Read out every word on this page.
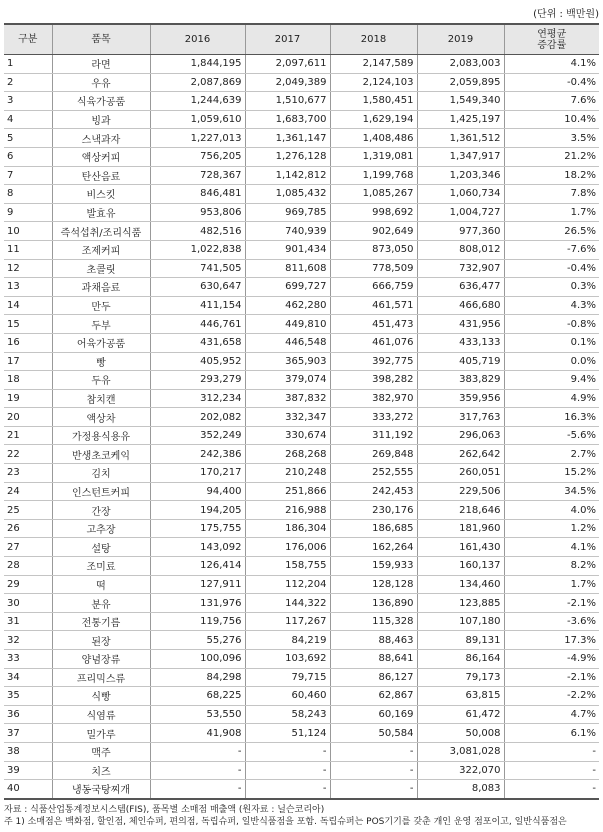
(단위 : 백만원)
구분	품목	2016	2017	2018	2019	연평균
증감률
1	라면	1,844,195	2,097,611	2,147,589	2,083,003	4.1%
2	우유	2,087,869	2,049,389	2,124,103	2,059,895	-0.4%
3	식육가공품	1,244,639	1,510,677	1,580,451	1,549,340	7.6%
4	빙과	1,059,610	1,683,700	1,629,194	1,425,197	10.4%
5	스낵과자	1,227,013	1,361,147	1,408,486	1,361,512	3.5%
6	액상커피	756,205	1,276,128	1,319,081	1,347,917	21.2%
7	탄산음료	728,367	1,142,812	1,199,768	1,203,346	18.2%
8	비스킷	846,481	1,085,432	1,085,267	1,060,734	7.8%
9	발효유	953,806	969,785	998,692	1,004,727	1.7%
10	즉석섭취/조리식품	482,516	740,939	902,649	977,360	26.5%
11	조제커피	1,022,838	901,434	873,050	808,012	-7.6%
12	초콜릿	741,505	811,608	778,509	732,907	-0.4%
13	과채음료	630,647	699,727	666,759	636,477	0.3%
14	만두	411,154	462,280	461,571	466,680	4.3%
15	두부	446,761	449,810	451,473	431,956	-0.8%
16	어육가공품	431,658	446,548	461,076	433,133	0.1%
17	빵	405,952	365,903	392,775	405,719	0.0%
18	두유	293,279	379,074	398,282	383,829	9.4%
19	참치캔	312,234	387,832	382,970	359,956	4.9%
20	액상차	202,082	332,347	333,272	317,763	16.3%
21	가정용식용유	352,249	330,674	311,192	296,063	-5.6%
22	반생초코케익	242,386	268,268	269,848	262,642	2.7%
23	김치	170,217	210,248	252,555	260,051	15.2%
24	인스턴트커피	94,400	251,866	242,453	229,506	34.5%
25	간장	194,205	216,988	230,176	218,646	4.0%
26	고추장	175,755	186,304	186,685	181,960	1.2%
27	설탕	143,092	176,006	162,264	161,430	4.1%
28	조미료	126,414	158,755	159,933	160,137	8.2%
29	떡	127,911	112,204	128,128	134,460	1.7%
30	분유	131,976	144,322	136,890	123,885	-2.1%
31	전통기름	119,756	117,267	115,328	107,180	-3.6%
32	된장	55,276	84,219	88,463	89,131	17.3%
33	양념장류	100,096	103,692	88,641	86,164	-4.9%
34	프리믹스류	84,298	79,715	86,127	79,173	-2.1%
35	식빵	68,225	60,460	62,867	63,815	-2.2%
36	식염류	53,550	58,243	60,169	61,472	4.7%
37	밀가루	41,908	51,124	50,584	50,008	6.1%
38	맥주	-	-	-	3,081,028	-
39	치즈	-	-	-	322,070	-
40	냉동국탕찌개	-	-	-	8,083	-
자료 : 식품산업통계정보시스템(FIS), 품목별 소매점 매출액 (원자료 : 닐슨코리아)
주 1) 소매점은 백화점, 할인점, 체인슈퍼, 편의점, 독립슈퍼, 일반식품점을 포함. 독립슈퍼는 POS기기를 갖춘 개인 운영 점포이고, 일반식품점은
